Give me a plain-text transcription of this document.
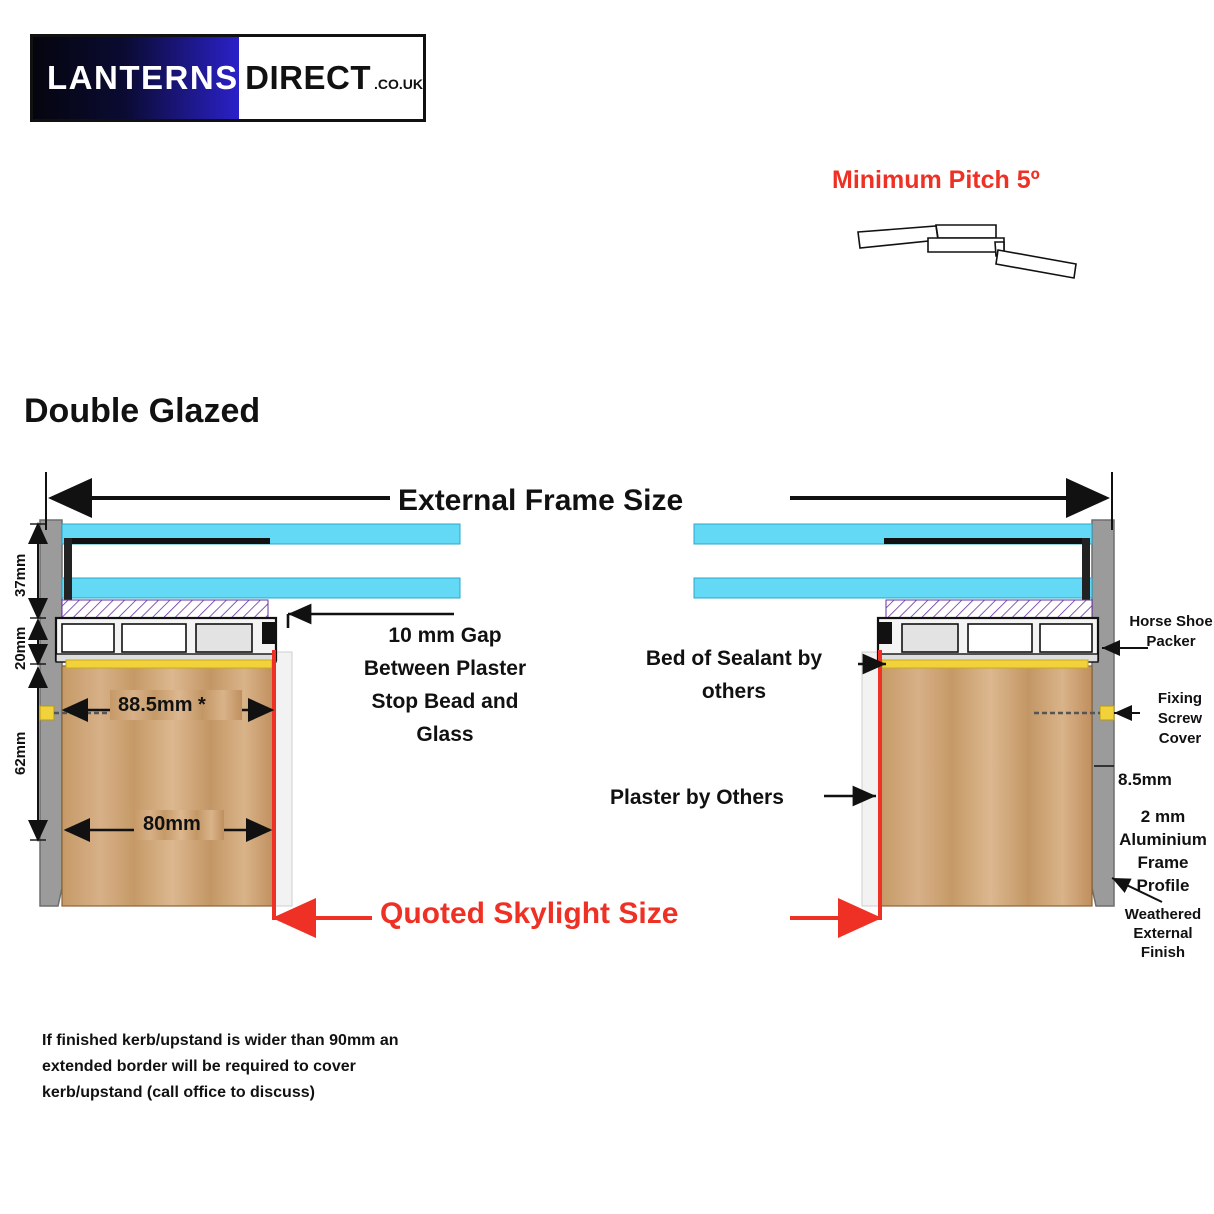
LANTERNS DIRECT .CO.UK
Minimum Pitch 5º
Double Glazed
External Frame Size
Quoted Skylight Size
10 mm Gap Between Plaster Stop Bead and Glass
Bed of Sealant by others
Plaster by Others
Horse Shoe Packer
Fixing Screw Cover
8.5mm
2 mm Aluminium Frame Profile
Weathered External Finish
88.5mm *
80mm
37mm
20mm
62mm
If finished kerb/upstand is wider than 90mm an extended border will be required to cover kerb/upstand (call office to discuss)
